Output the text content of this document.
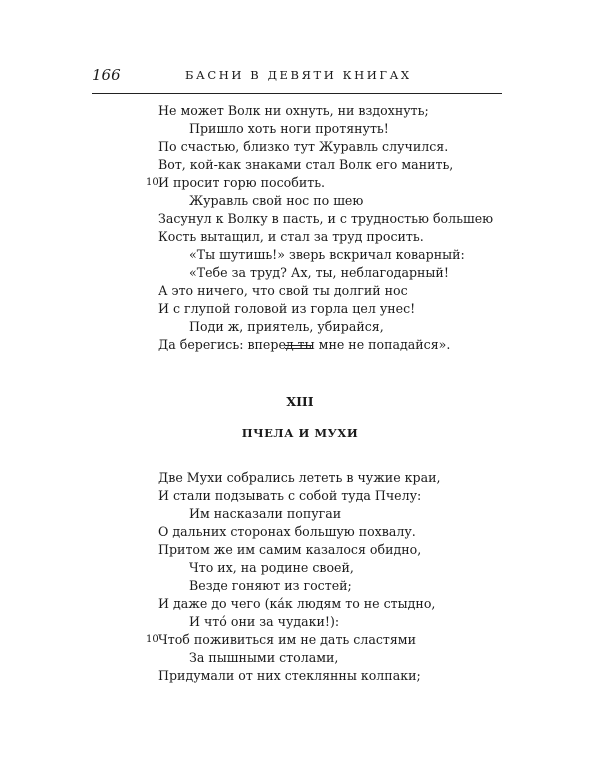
166	БАСНИ В ДЕВЯТИ КНИГАХ
Не может Волк ни охнуть, ни вздохнуть;
Пришло хоть ноги протянуть!
По счастью, близко тут Журавль случился.
Вот, кой-как знаками стал Волк его манить,
10 И просит горю пособить.
Журавль свой нос по шею
Засунул к Волку в пасть, и с трудностью большею
Кость вытащил, и стал за труд просить.
«Ты шутишь!» зверь вскричал коварный:
«Тебе за труд? Ах, ты, неблагодарный!
А это ничего, что свой ты долгий нос
И с глупой головой из горла цел унес!
Поди ж, приятель, убирайся,
Да берегись: вперед ты мне не попадайся».
XIII
ПЧЕЛА И МУХИ
Две Мухи собрались лететь в чужие краи,
И стали подзывать с собой туда Пчелу:
Им насказали попугаи
О дальних сторонах большую похвалу.
Притом же им самим казалося обидно,
Что их, на родине своей,
Везде гоняют из гостей;
И даже до чего (ка́к людям то не стыдно,
И что́ они за чудаки!):
10 Чтоб поживиться им не дать сластями
За пышными столами,
Придумали от них стеклянны колпаки;
